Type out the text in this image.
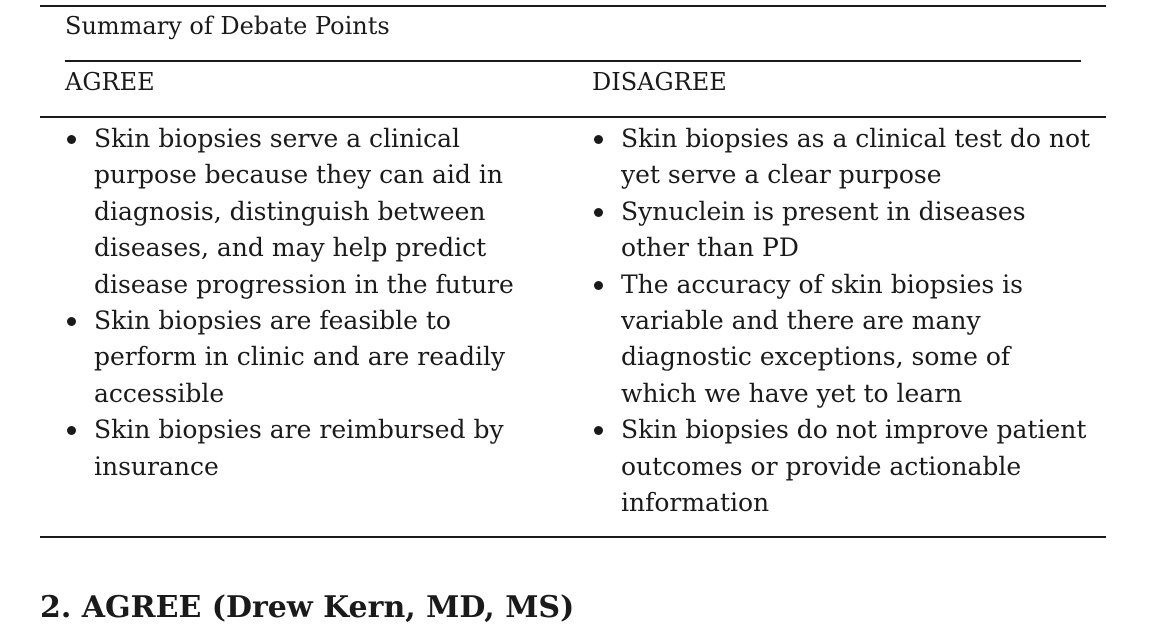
Summary of Debate Points
AGREE	DISAGREE
Skin biopsies serve a clinical purpose because they can aid in diagnosis, distinguish between diseases, and may help predict disease progression in the future
Skin biopsies are feasible to perform in clinic and are readily accessible
Skin biopsies are reimbursed by insurance
Skin biopsies as a clinical test do not yet serve a clear purpose
Synuclein is present in diseases other than PD
The accuracy of skin biopsies is variable and there are many diagnostic exceptions, some of which we have yet to learn
Skin biopsies do not improve patient outcomes or provide actionable information
2. AGREE (Drew Kern, MD, MS)
